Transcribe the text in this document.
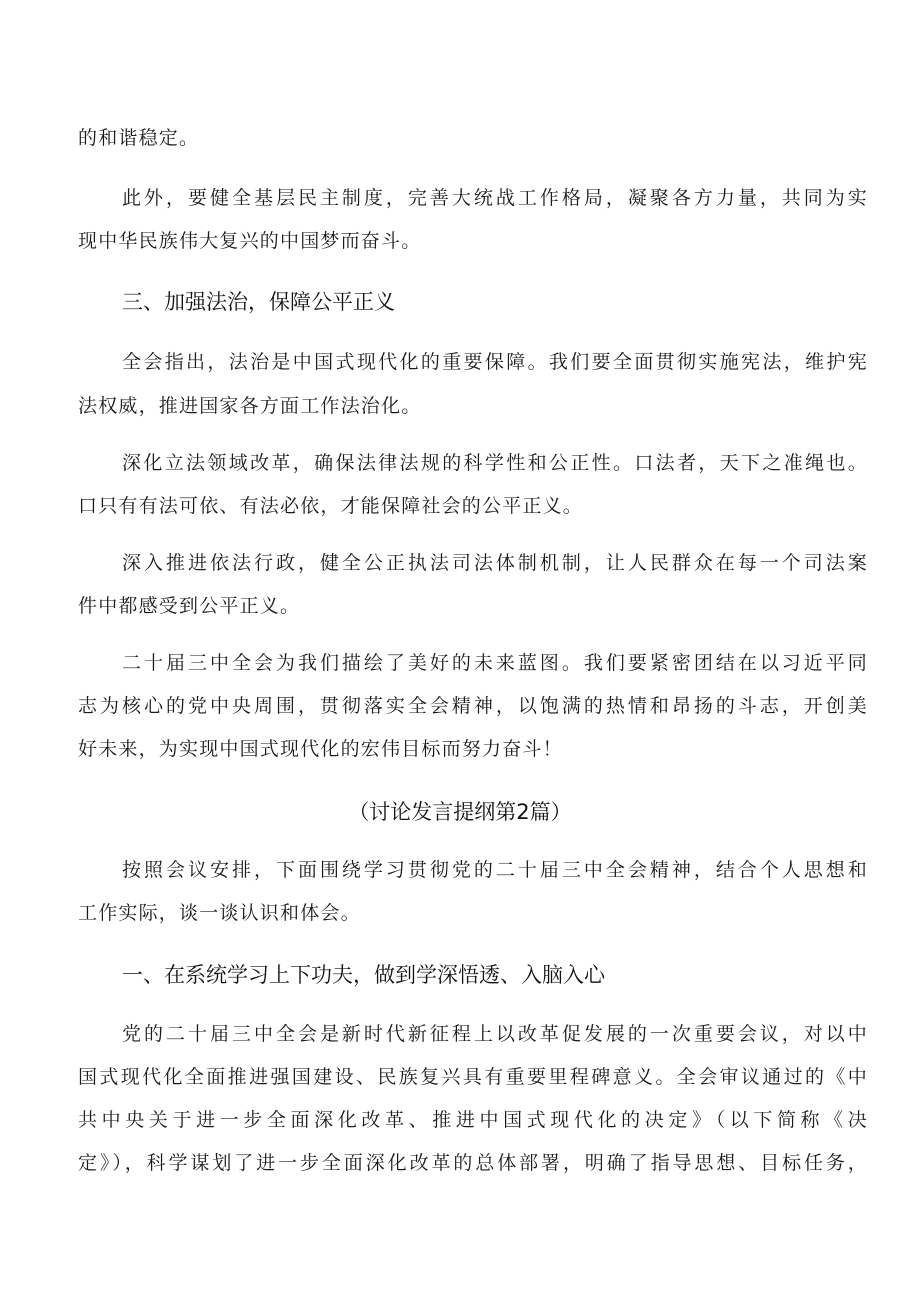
的和谐稳定。
此外，要健全基层民主制度，完善大统战工作格局，凝聚各方力量，共同为实
现中华民族伟大复兴的中国梦而奋斗。
三、加强法治，保障公平正义
全会指出，法治是中国式现代化的重要保障。我们要全面贯彻实施宪法，维护宪
法权威，推进国家各方面工作法治化。
深化立法领域改革，确保法律法规的科学性和公正性。口法者，天下之准绳也。
口只有有法可依、有法必依，才能保障社会的公平正义。
深入推进依法行政，健全公正执法司法体制机制，让人民群众在每一个司法案
件中都感受到公平正义。
二十届三中全会为我们描绘了美好的未来蓝图。我们要紧密团结在以习近平同
志为核心的党中央周围，贯彻落实全会精神，以饱满的热情和昂扬的斗志，开创美
好未来，为实现中国式现代化的宏伟目标而努力奋斗！
（讨论发言提纲第2篇）
按照会议安排，下面围绕学习贯彻党的二十届三中全会精神，结合个人思想和
工作实际，谈一谈认识和体会。
一、在系统学习上下功夫，做到学深悟透、入脑入心
党的二十届三中全会是新时代新征程上以改革促发展的一次重要会议，对以中
国式现代化全面推进强国建设、民族复兴具有重要里程碑意义。全会审议通过的《中
共中央关于进一步全面深化改革、推进中国式现代化的决定》（以下简称《决
定》），科学谋划了进一步全面深化改革的总体部署，明确了指导思想、目标任务，
